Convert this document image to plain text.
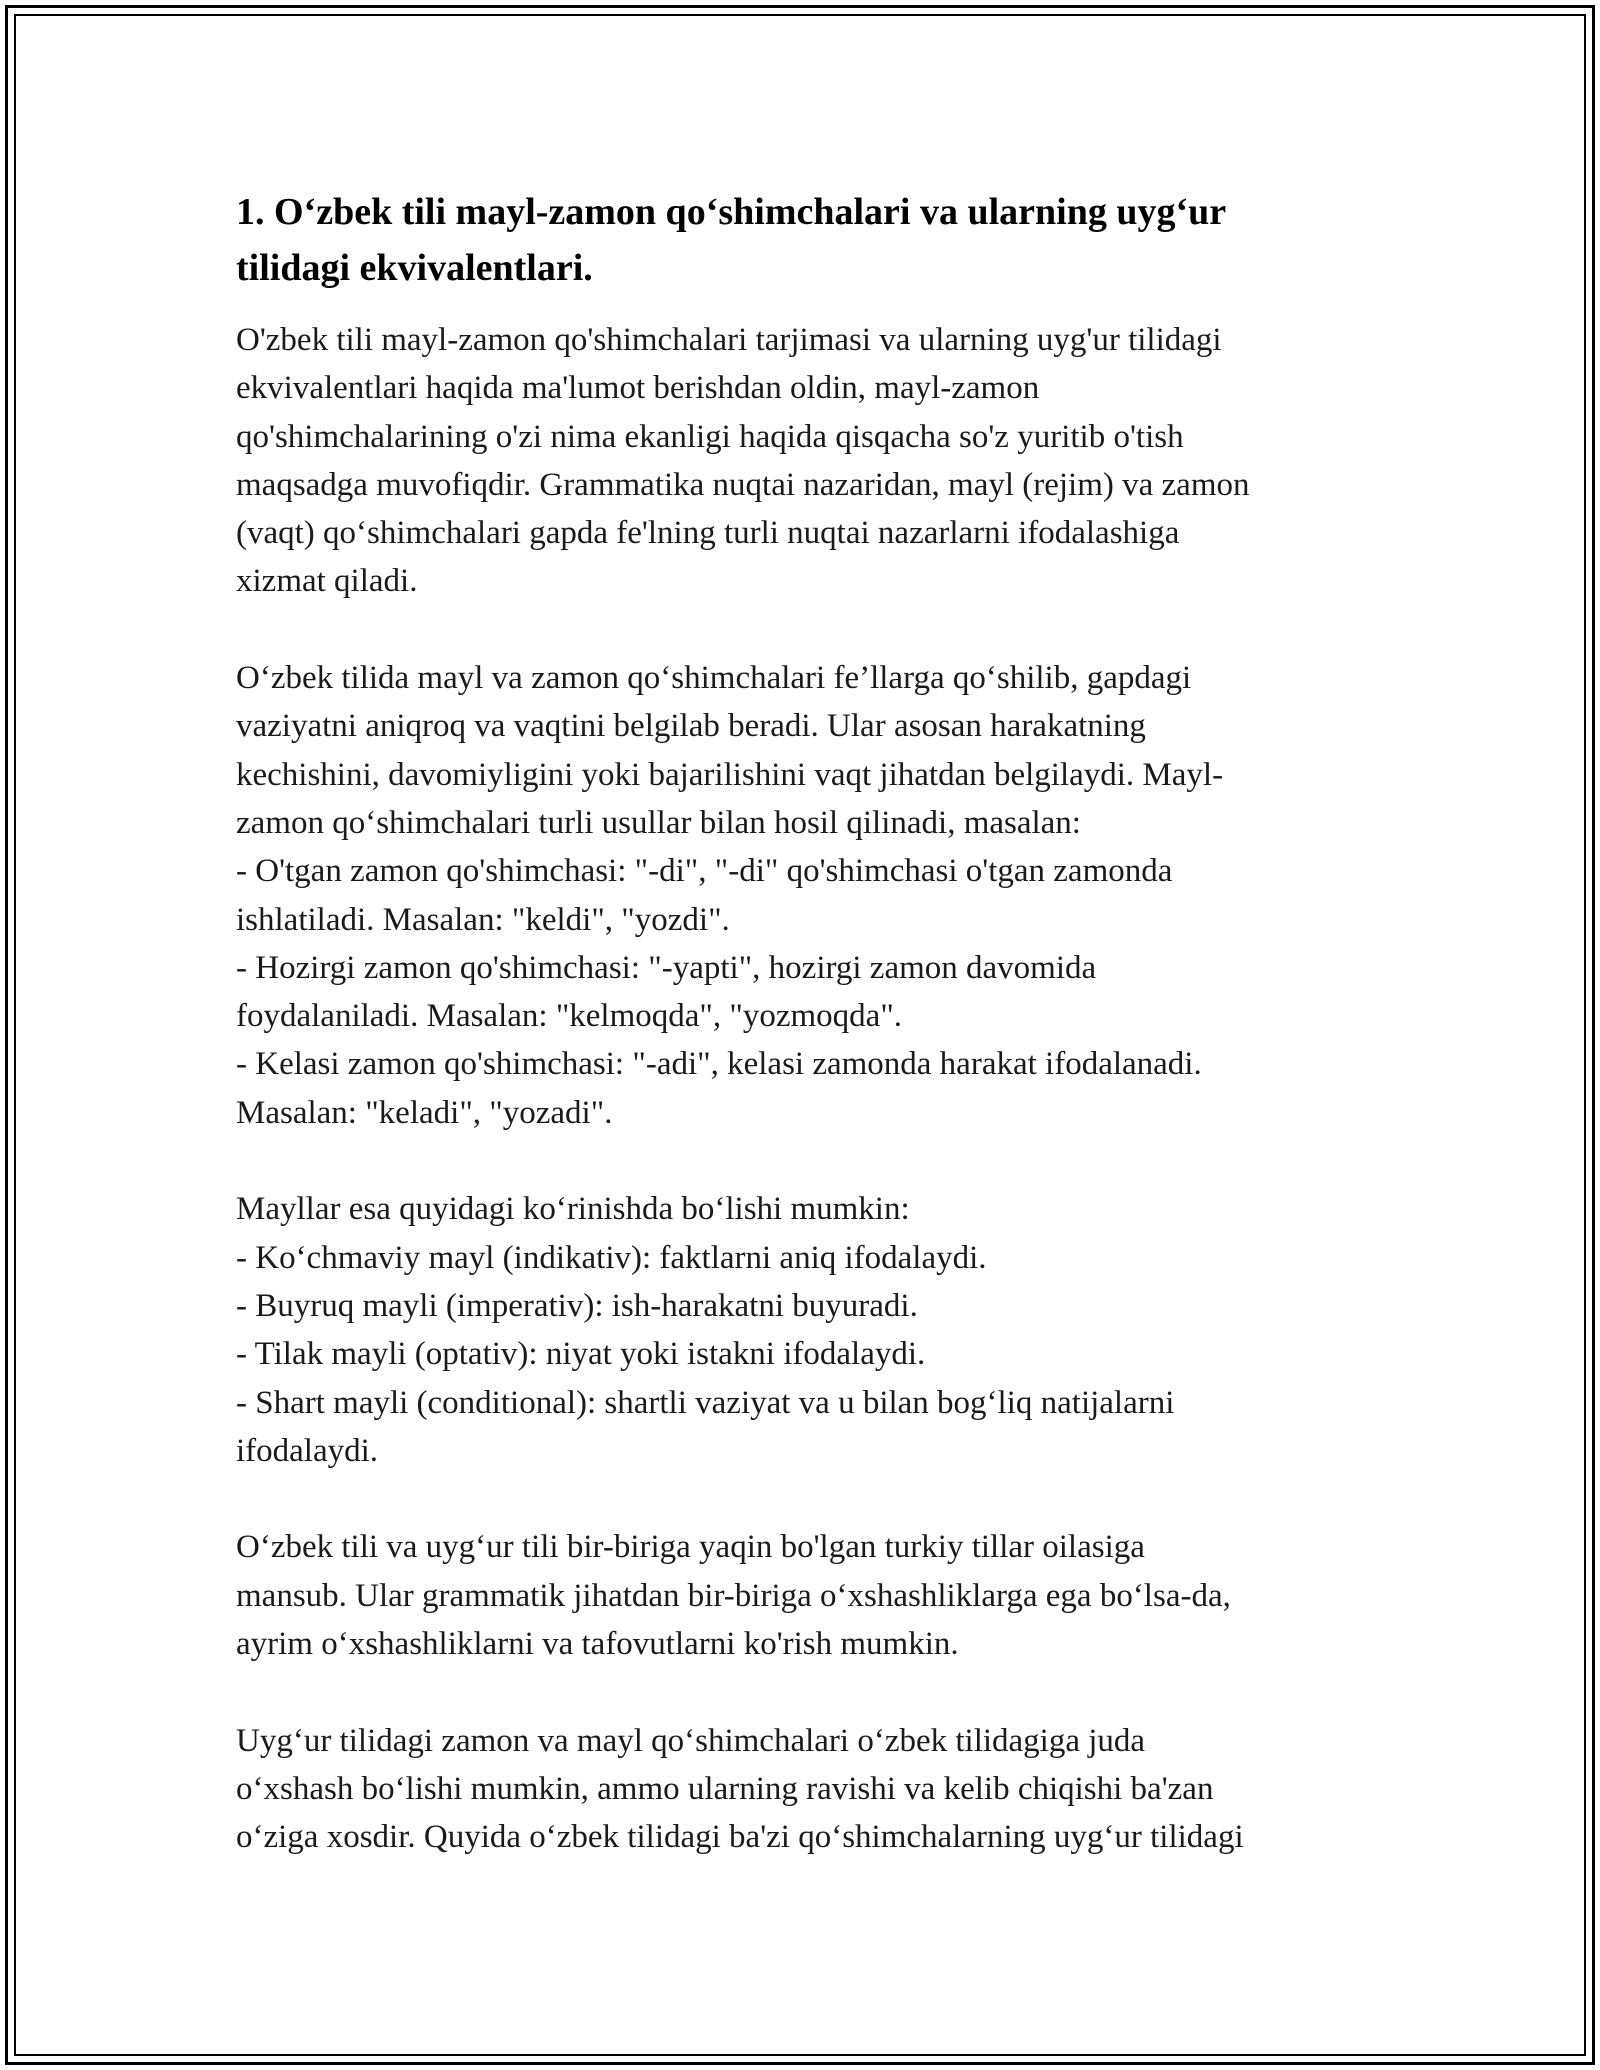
1. O‘zbek tili mayl-zamon qo‘shimchalari va ularning uyg‘ur
tilidagi ekvivalentlari.

O'zbek tili mayl-zamon qo'shimchalari tarjimasi va ularning uyg'ur tilidagi
ekvivalentlari haqida ma'lumot berishdan oldin, mayl-zamon
qo'shimchalarining o'zi nima ekanligi haqida qisqacha so'z yuritib o'tish
maqsadga muvofiqdir. Grammatika nuqtai nazaridan, mayl (rejim) va zamon
(vaqt) qo‘shimchalari gapda fe'lning turli nuqtai nazarlarni ifodalashiga
xizmat qiladi.

O‘zbek tilida mayl va zamon qo‘shimchalari fe’llarga qo‘shilib, gapdagi
vaziyatni aniqroq va vaqtini belgilab beradi. Ular asosan harakatning
kechishini, davomiyligini yoki bajarilishini vaqt jihatdan belgilaydi. Mayl-
zamon qo‘shimchalari turli usullar bilan hosil qilinadi, masalan:
- O'tgan zamon qo'shimchasi: "-di", "-di" qo'shimchasi o'tgan zamonda
ishlatiladi. Masalan: "keldi", "yozdi".
- Hozirgi zamon qo'shimchasi: "-yapti", hozirgi zamon davomida
foydalaniladi. Masalan: "kelmoqda", "yozmoqda".
- Kelasi zamon qo'shimchasi: "-adi", kelasi zamonda harakat ifodalanadi.
Masalan: "keladi", "yozadi".

Mayllar esa quyidagi ko‘rinishda bo‘lishi mumkin:
- Ko‘chmaviy mayl (indikativ): faktlarni aniq ifodalaydi.
- Buyruq mayli (imperativ): ish-harakatni buyuradi.
- Tilak mayli (optativ): niyat yoki istakni ifodalaydi.
- Shart mayli (conditional): shartli vaziyat va u bilan bog‘liq natijalarni
ifodalaydi.

O‘zbek tili va uyg‘ur tili bir-biriga yaqin bo'lgan turkiy tillar oilasiga
mansub. Ular grammatik jihatdan bir-biriga o‘xshashliklarga ega bo‘lsa-da,
ayrim o‘xshashliklarni va tafovutlarni ko'rish mumkin.

Uyg‘ur tilidagi zamon va mayl qo‘shimchalari o‘zbek tilidagiga juda
o‘xshash bo‘lishi mumkin, ammo ularning ravishi va kelib chiqishi ba'zan
o‘ziga xosdir. Quyida o‘zbek tilidagi ba'zi qo‘shimchalarning uyg‘ur tilidagi
